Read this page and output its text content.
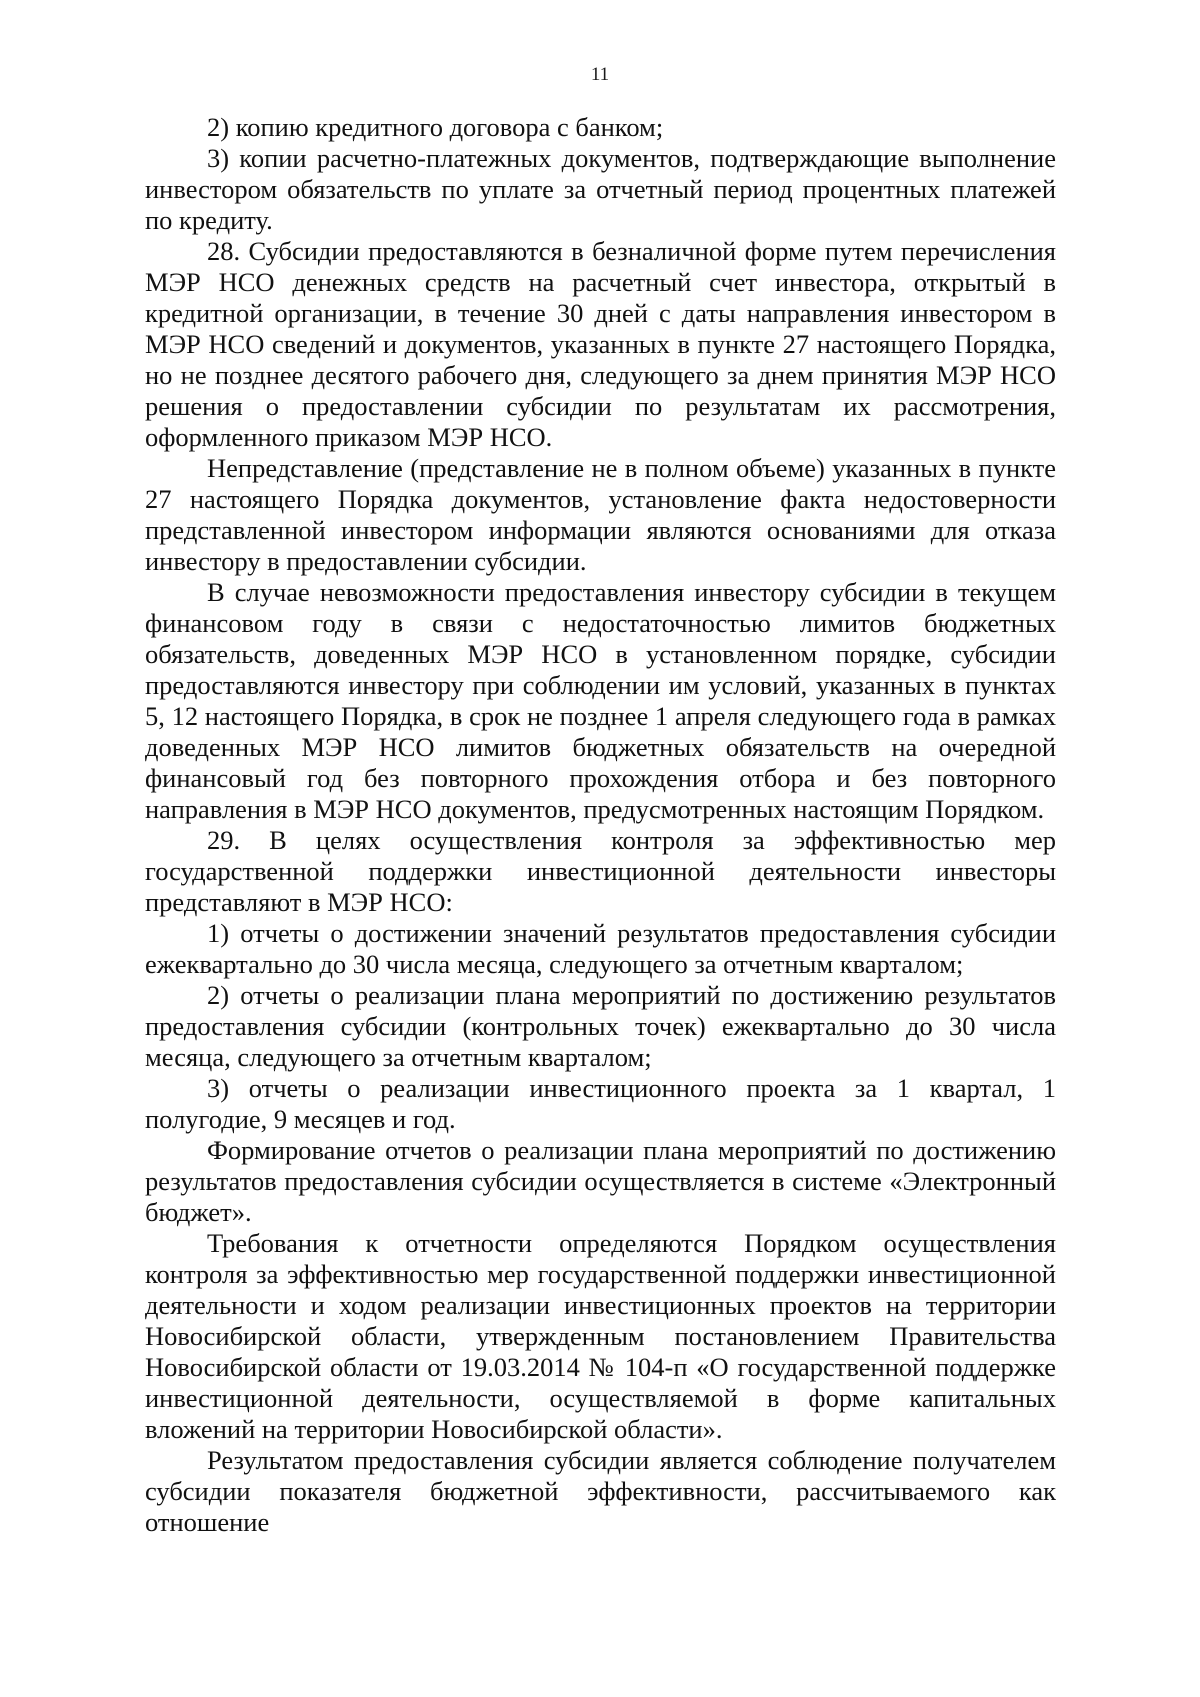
11

2) копию кредитного договора с банком;

3) копии расчетно-платежных документов, подтверждающие выполнение инвестором обязательств по уплате за отчетный период процентных платежей по кредиту.

28. Субсидии предоставляются в безналичной форме путем перечисления МЭР НСО денежных средств на расчетный счет инвестора, открытый в кредитной организации, в течение 30 дней с даты направления инвестором в МЭР НСО сведений и документов, указанных в пункте 27 настоящего Порядка, но не позднее десятого рабочего дня, следующего за днем принятия МЭР НСО решения о предоставлении субсидии по результатам их рассмотрения, оформленного приказом МЭР НСО.

Непредставление (представление не в полном объеме) указанных в пункте 27 настоящего Порядка документов, установление факта недостоверности представленной инвестором информации являются основаниями для отказа инвестору в предоставлении субсидии.

В случае невозможности предоставления инвестору субсидии в текущем финансовом году в связи с недостаточностью лимитов бюджетных обязательств, доведенных МЭР НСО в установленном порядке, субсидии предоставляются инвестору при соблюдении им условий, указанных в пунктах 5, 12 настоящего Порядка, в срок не позднее 1 апреля следующего года в рамках доведенных МЭР НСО лимитов бюджетных обязательств на очередной финансовый год без повторного прохождения отбора и без повторного направления в МЭР НСО документов, предусмотренных настоящим Порядком.

29. В целях осуществления контроля за эффективностью мер государственной поддержки инвестиционной деятельности инвесторы представляют в МЭР НСО:

1) отчеты о достижении значений результатов предоставления субсидии ежеквартально до 30 числа месяца, следующего за отчетным кварталом;

2) отчеты о реализации плана мероприятий по достижению результатов предоставления субсидии (контрольных точек) ежеквартально до 30 числа месяца, следующего за отчетным кварталом;

3) отчеты о реализации инвестиционного проекта за 1 квартал, 1 полугодие, 9 месяцев и год.

Формирование отчетов о реализации плана мероприятий по достижению результатов предоставления субсидии осуществляется в системе «Электронный бюджет».

Требования к отчетности определяются Порядком осуществления контроля за эффективностью мер государственной поддержки инвестиционной деятельности и ходом реализации инвестиционных проектов на территории Новосибирской области, утвержденным постановлением Правительства Новосибирской области от 19.03.2014 № 104-п «О государственной поддержке инвестиционной деятельности, осуществляемой в форме капитальных вложений на территории Новосибирской области».

Результатом предоставления субсидии является соблюдение получателем субсидии показателя бюджетной эффективности, рассчитываемого как отношение
